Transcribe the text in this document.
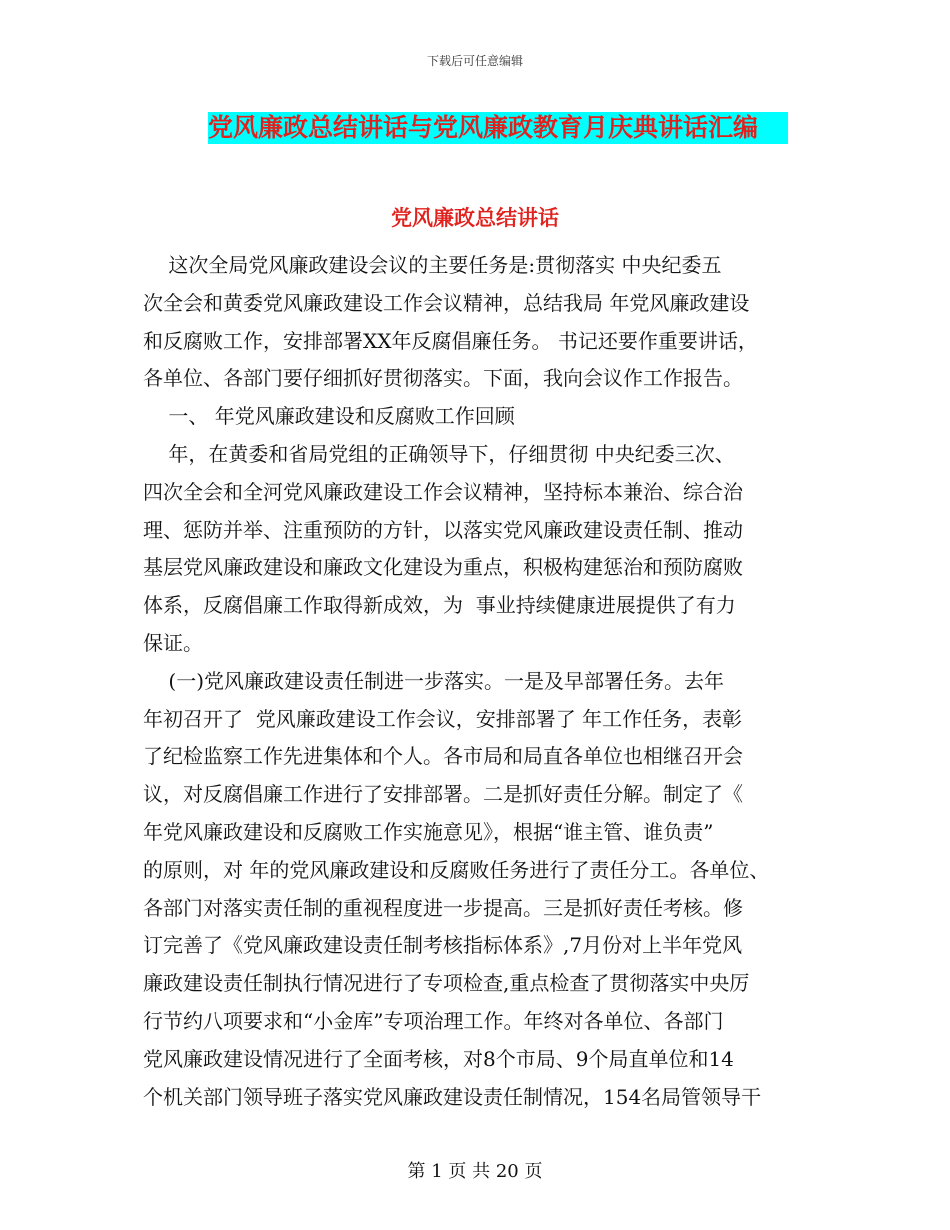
下载后可任意编辑
党风廉政总结讲话与党风廉政教育月庆典讲话汇编
党风廉政总结讲话
这次全局党风廉政建设会议的主要任务是:贯彻落实 中央纪委五
次全会和黄委党风廉政建设工作会议精神，总结我局 年党风廉政建设
和反腐败工作，安排部署XX年反腐倡廉任务。 书记还要作重要讲话，
各单位、各部门要仔细抓好贯彻落实。下面，我向会议作工作报告。
一、 年党风廉政建设和反腐败工作回顾
年，在黄委和省局党组的正确领导下，仔细贯彻 中央纪委三次、
四次全会和全河党风廉政建设工作会议精神，坚持标本兼治、综合治
理、惩防并举、注重预防的方针，以落实党风廉政建设责任制、推动
基层党风廉政建设和廉政文化建设为重点，积极构建惩治和预防腐败
体系，反腐倡廉工作取得新成效，为  事业持续健康进展提供了有力
保证。
(一)党风廉政建设责任制进一步落实。一是及早部署任务。去年
年初召开了  党风廉政建设工作会议，安排部署了 年工作任务，表彰
了纪检监察工作先进集体和个人。各市局和局直各单位也相继召开会
议，对反腐倡廉工作进行了安排部署。二是抓好责任分解。制定了《
年党风廉政建设和反腐败工作实施意见》，根据“谁主管、谁负责”
的原则，对 年的党风廉政建设和反腐败任务进行了责任分工。各单位、
各部门对落实责任制的重视程度进一步提高。三是抓好责任考核。修
订完善了《党风廉政建设责任制考核指标体系》,7月份对上半年党风
廉政建设责任制执行情况进行了专项检查,重点检查了贯彻落实中央厉
行节约八项要求和“小金库”专项治理工作。年终对各单位、各部门
党风廉政建设情况进行了全面考核，对8个市局、9个局直单位和14
个机关部门领导班子落实党风廉政建设责任制情况，154名局管领导干
第 1 页 共 20 页
